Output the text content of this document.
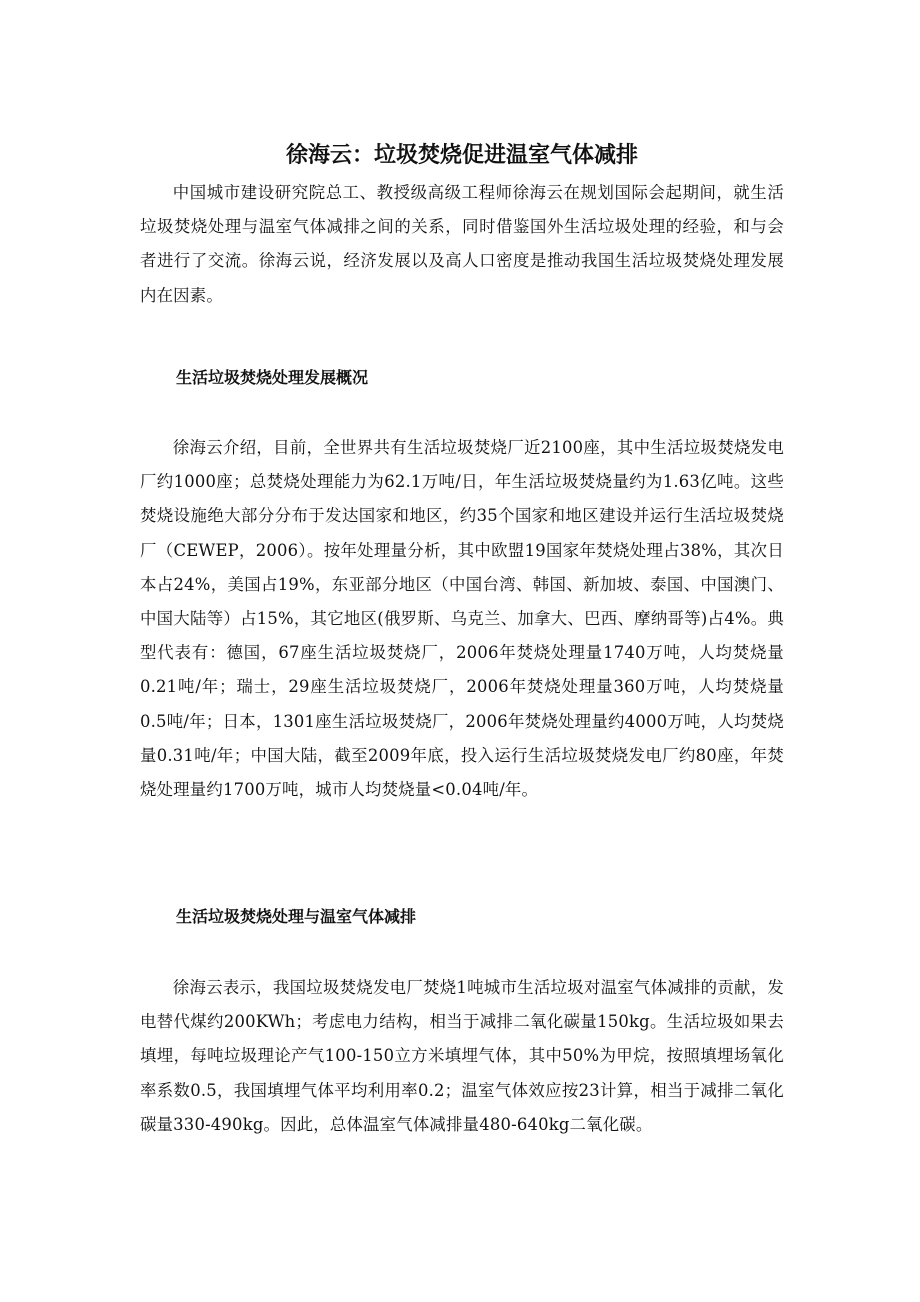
徐海云：垃圾焚烧促进温室气体减排

中国城市建设研究院总工、教授级高级工程师徐海云在规划国际会起期间，就生活垃圾焚烧处理与温室气体减排之间的关系，同时借鉴国外生活垃圾处理的经验，和与会者进行了交流。徐海云说，经济发展以及高人口密度是推动我国生活垃圾焚烧处理发展内在因素。

生活垃圾焚烧处理发展概况

徐海云介绍，目前，全世界共有生活垃圾焚烧厂近2100座，其中生活垃圾焚烧发电厂约1000座；总焚烧处理能力为62.1万吨/日，年生活垃圾焚烧量约为1.63亿吨。这些焚烧设施绝大部分分布于发达国家和地区，约35个国家和地区建设并运行生活垃圾焚烧厂（CEWEP，2006）。按年处理量分析，其中欧盟19国家年焚烧处理占38%，其次日本占24%，美国占19%，东亚部分地区（中国台湾、韩国、新加坡、泰国、中国澳门、中国大陆等）占15%，其它地区(俄罗斯、乌克兰、加拿大、巴西、摩纳哥等)占4%。典型代表有：德国，67座生活垃圾焚烧厂，2006年焚烧处理量1740万吨，人均焚烧量0.21吨/年；瑞士，29座生活垃圾焚烧厂，2006年焚烧处理量360万吨，人均焚烧量0.5吨/年；日本，1301座生活垃圾焚烧厂，2006年焚烧处理量约4000万吨，人均焚烧量0.31吨/年；中国大陆，截至2009年底，投入运行生活垃圾焚烧发电厂约80座，年焚烧处理量约1700万吨，城市人均焚烧量<0.04吨/年。

生活垃圾焚烧处理与温室气体减排

徐海云表示，我国垃圾焚烧发电厂焚烧1吨城市生活垃圾对温室气体减排的贡献，发电替代煤约200KWh；考虑电力结构，相当于减排二氧化碳量150kg。生活垃圾如果去填埋，每吨垃圾理论产气100-150立方米填埋气体，其中50%为甲烷，按照填埋场氧化率系数0.5，我国填埋气体平均利用率0.2；温室气体效应按23计算，相当于减排二氧化碳量330-490kg。因此，总体温室气体减排量480-640kg二氧化碳。
